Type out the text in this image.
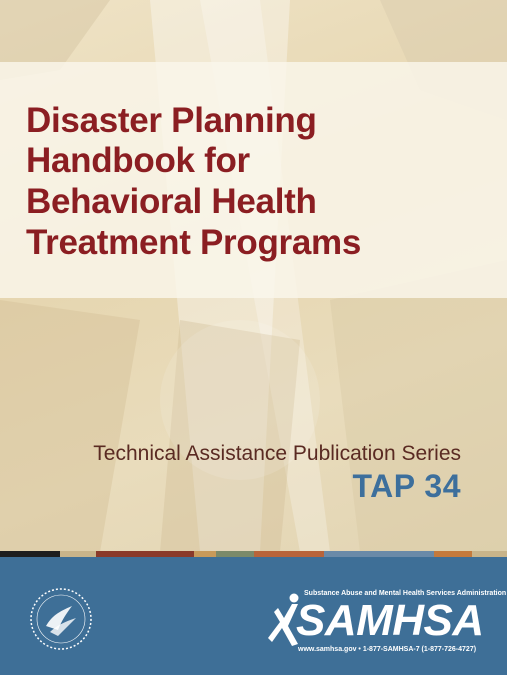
Disaster Planning
Handbook for
Behavioral Health
Treatment Programs
Technical Assistance Publication Series
TAP 34
Substance Abuse and Mental Health Services Administration
SAMHSA
www.samhsa.gov • 1-877-SAMHSA-7 (1-877-726-4727)
